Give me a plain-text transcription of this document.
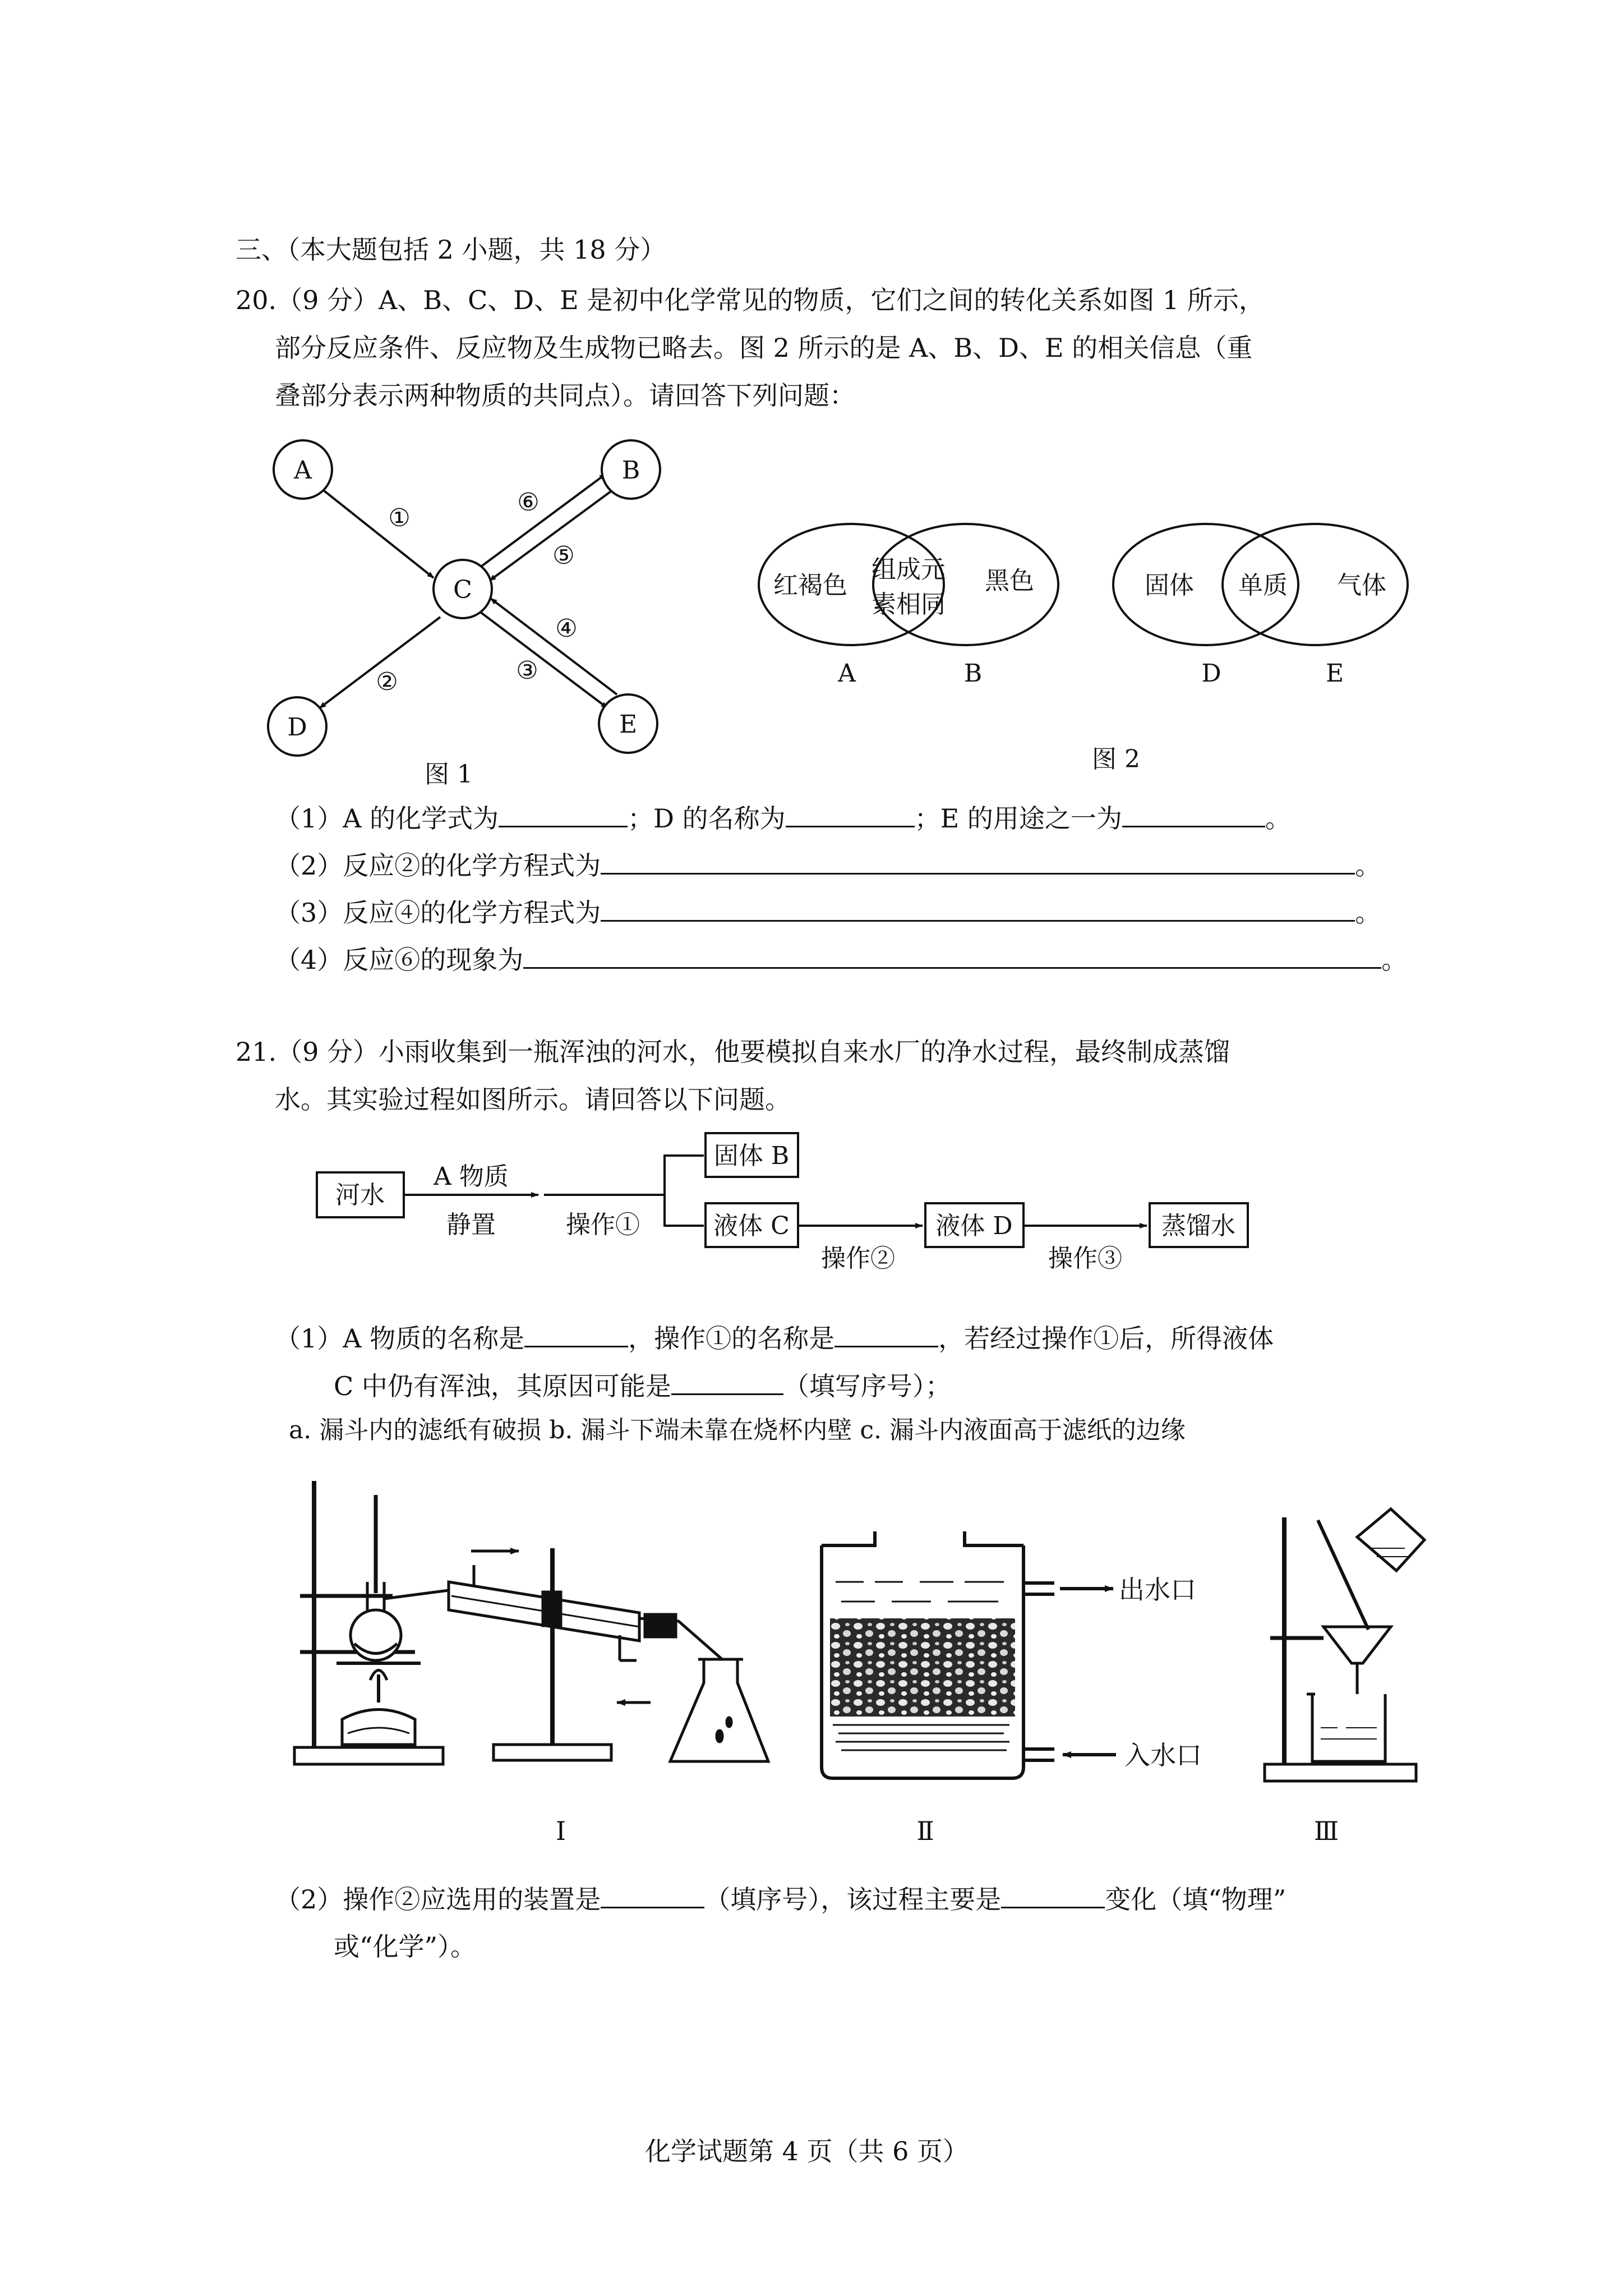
三、（本大题包括 2 小题，共 18 分）
20.（9 分）A、B、C、D、E 是初中化学常见的物质，它们之间的转化关系如图 1 所示，
部分反应条件、反应物及生成物已略去。图 2 所示的是 A、B、D、E 的相关信息（重
叠部分表示两种物质的共同点）。请回答下列问题：
A	B
C
D	E
①
②	③
④
⑤
⑥
图 1
红褐色
组成元
素相同
黑色
A	B
固体 单质 气体
D	E
图 2
（1）A 的化学式为	；D 的名称为	；E 的用途之一为	。
（2）反应②的化学方程式为	。
（3）反应④的化学方程式为	。
（4）反应⑥的现象为	。
21.（9 分）小雨收集到一瓶浑浊的河水，他要模拟自来水厂的净水过程，最终制成蒸馏
水。其实验过程如图所示。请回答以下问题。
河水
A 物质
静置	操作①
固体 B
液体 C
操作②
液体 D
操作③
蒸馏水
（1）A 物质的名称是	，操作①的名称是	，若经过操作①后，所得液体
C 中仍有浑浊，其原因可能是	（填写序号）；
a. 漏斗内的滤纸有破损 b. 漏斗下端未靠在烧杯内壁 c. 漏斗内液面高于滤纸的边缘
出水口
入水口
Ⅰ	Ⅱ	Ⅲ
（2）操作②应选用的装置是	（填序号），该过程主要是	变化（填“物理”
或“化学”）。
化学试题第 4 页（共 6 页）
